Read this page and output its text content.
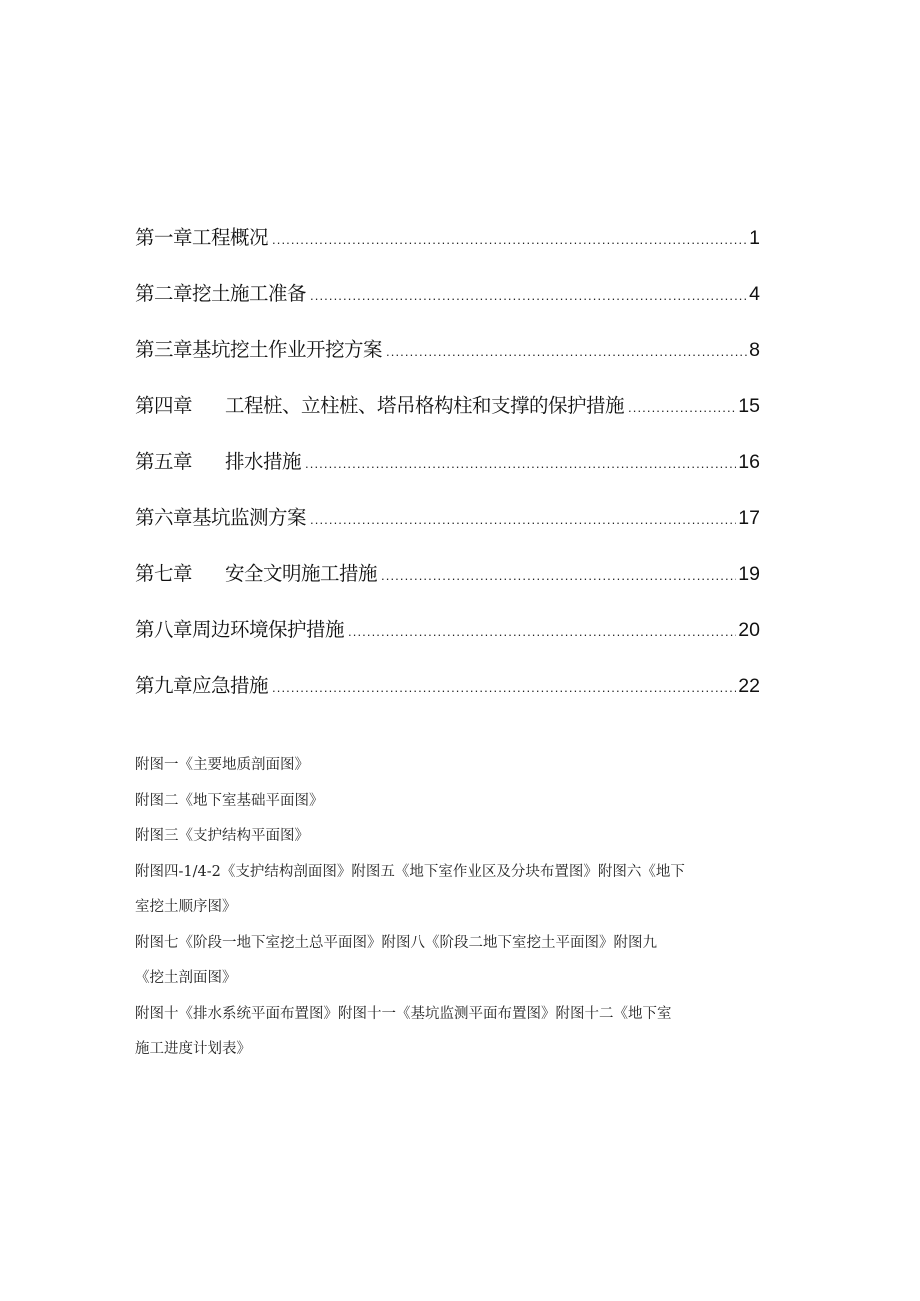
第一章工程概况 .....	1
第二章挖土施工准备 .....	4
第三章基坑挖土作业开挖方案 .....	8
第四章 工程桩、立柱桩、塔吊格构柱和支撑的保护措施 .....	15
第五章 排水措施 .....	16
第六章基坑监测方案 .....	17
第七章 安全文明施工措施 .....	19
第八章周边环境保护措施 .....	20
第九章应急措施 .....	22
附图一《主要地质剖面图》
附图二《地下室基础平面图》
附图三《支护结构平面图》
附图四-1/4-2《支护结构剖面图》附图五《地下室作业区及分块布置图》附图六《地下
室挖土顺序图》
附图七《阶段一地下室挖土总平面图》附图八《阶段二地下室挖土平面图》附图九
《挖土剖面图》
附图十《排水系统平面布置图》附图十一《基坑监测平面布置图》附图十二《地下室
施工进度计划表》
